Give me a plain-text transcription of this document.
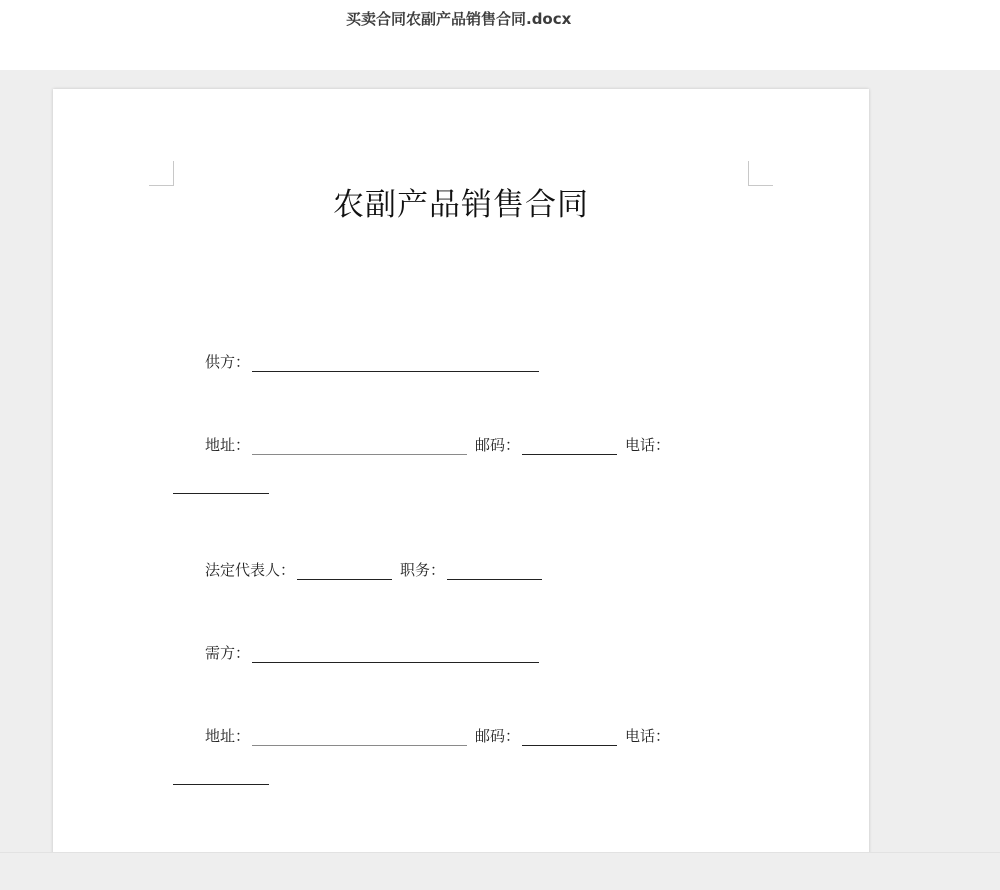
买卖合同农副产品销售合同.docx
农副产品销售合同
供方：
地址：	邮码：	电话：
法定代表人：	职务：
需方：
地址：	邮码：	电话：
